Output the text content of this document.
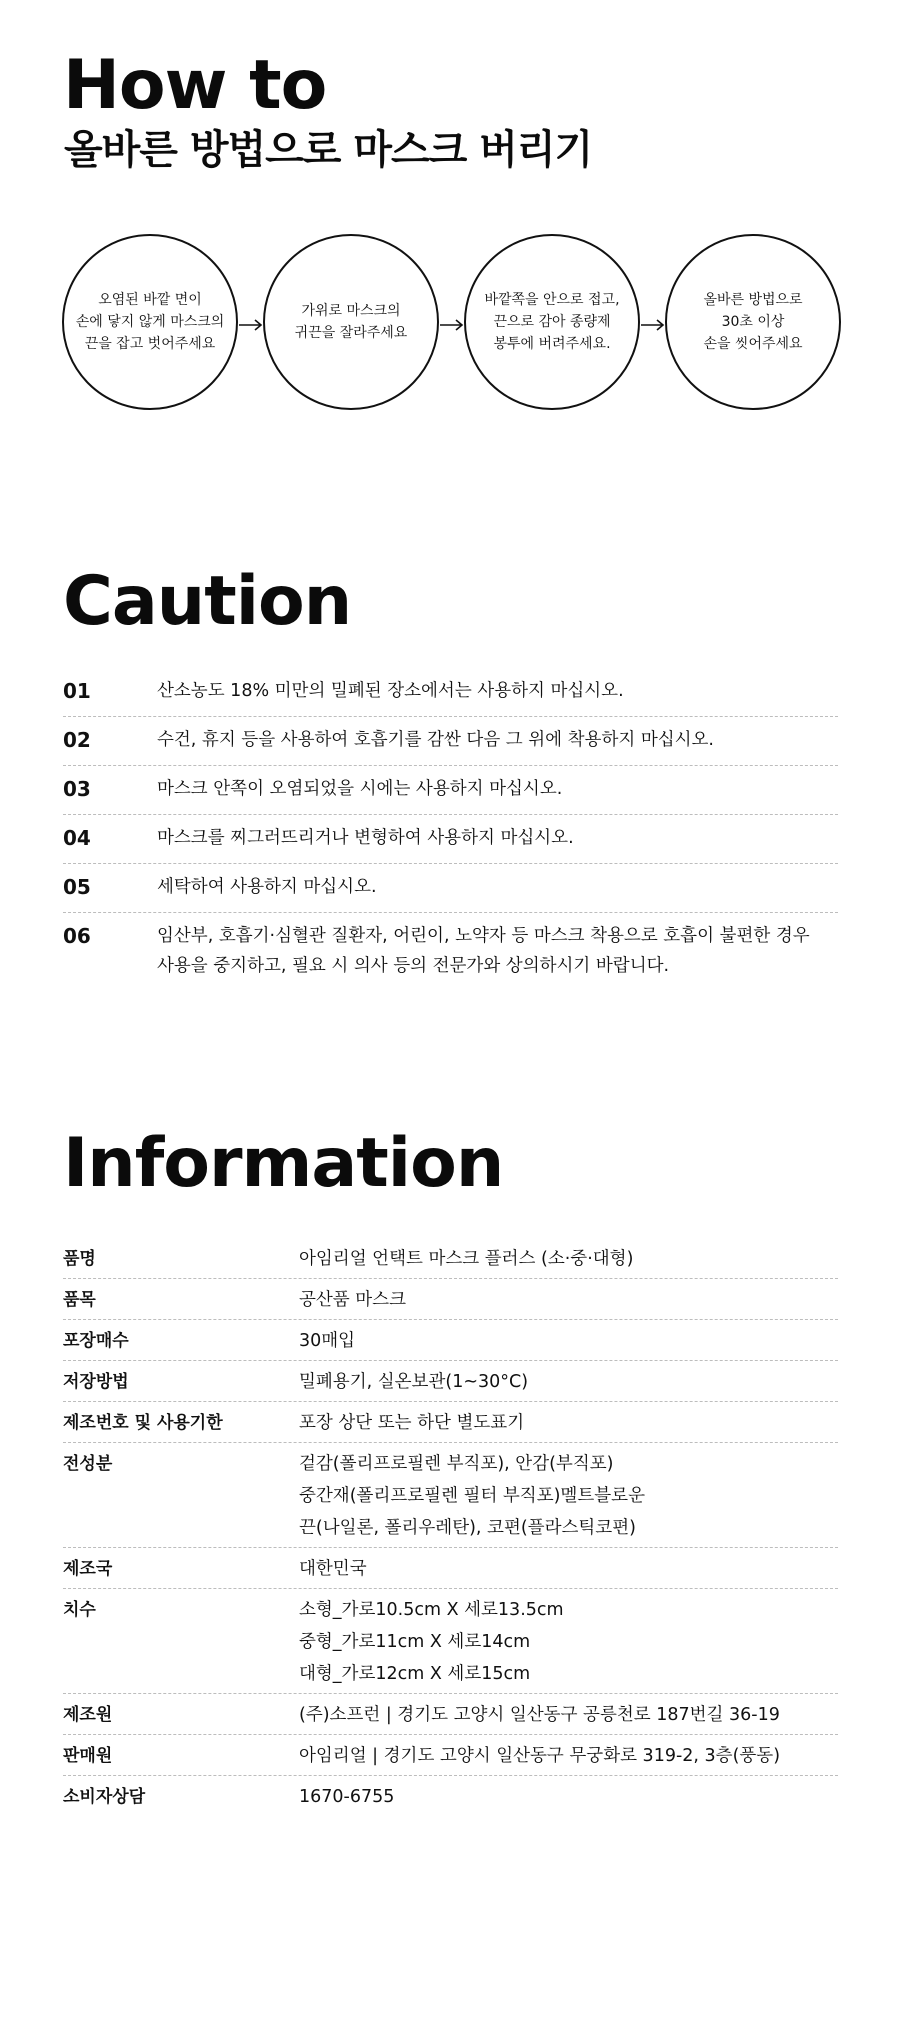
How to
올바른 방법으로 마스크 버리기
오염된 바깥 면이
손에 닿지 않게 마스크의
끈을 잡고 벗어주세요
가위로 마스크의
귀끈을 잘라주세요
바깥쪽을 안으로 접고,
끈으로 감아 종량제
봉투에 버려주세요.
올바른 방법으로
30초 이상
손을 씻어주세요
Caution
01	산소농도 18% 미만의 밀폐된 장소에서는 사용하지 마십시오.
02	수건, 휴지 등을 사용하여 호흡기를 감싼 다음 그 위에 착용하지 마십시오.
03	마스크 안쪽이 오염되었을 시에는 사용하지 마십시오.
04	마스크를 찌그러뜨리거나 변형하여 사용하지 마십시오.
05	세탁하여 사용하지 마십시오.
06	임산부, 호흡기·심혈관 질환자, 어린이, 노약자 등 마스크 착용으로 호흡이 불편한 경우
사용을 중지하고, 필요 시 의사 등의 전문가와 상의하시기 바랍니다.
Information
품명	아임리얼 언택트 마스크 플러스 (소·중·대형)
품목	공산품 마스크
포장매수	30매입
저장방법	밀폐용기, 실온보관(1~30°C)
제조번호 및 사용기한	포장 상단 또는 하단 별도표기
전성분	겉감(폴리프로필렌 부직포), 안감(부직포)
중간재(폴리프로필렌 필터 부직포)멜트블로운
끈(나일론, 폴리우레탄), 코편(플라스틱코편)
제조국	대한민국
치수	소형_가로10.5cm X 세로13.5cm
중형_가로11cm X 세로14cm
대형_가로12cm X 세로15cm
제조원	(주)소프런 | 경기도 고양시 일산동구 공릉천로 187번길 36-19
판매원	아임리얼 | 경기도 고양시 일산동구 무궁화로 319-2, 3층(풍동)
소비자상담	1670-6755
